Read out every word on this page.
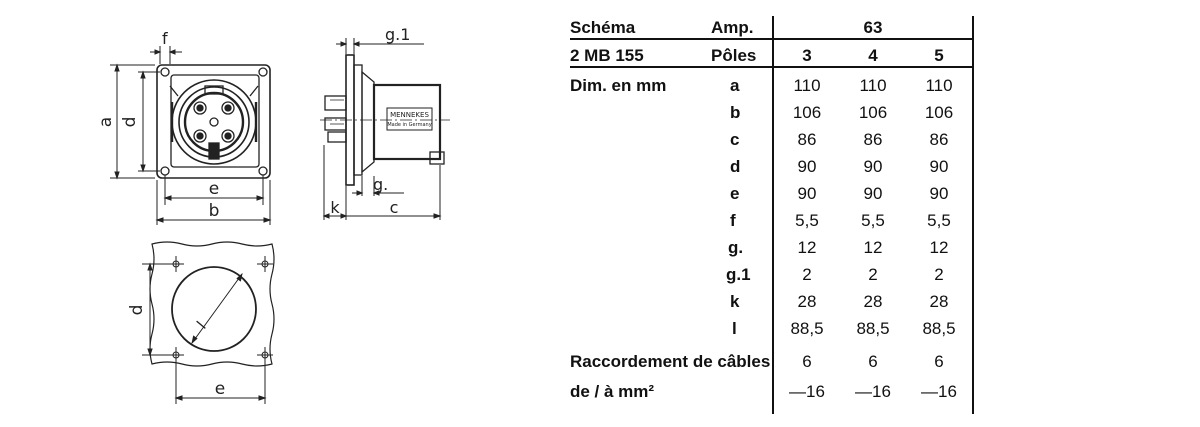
f
a d
e
b
MENNEKES
Made in Germany
g.1
g.
k	c
d
l
e
Schéma	Amp.	63
2 MB 155	Pôles	3	4	5
Dim. en mm	a	110	110	110
b	106	106	106
c	86	86	86
d	90	90	90
e	90	90	90
f	5,5	5,5	5,5
g.	12	12	12
g.1	2	2	2
k	28	28	28
l	88,5	88,5	88,5
Raccordement de câbles	6	6	6
de / à mm²	—16	—16	—16
